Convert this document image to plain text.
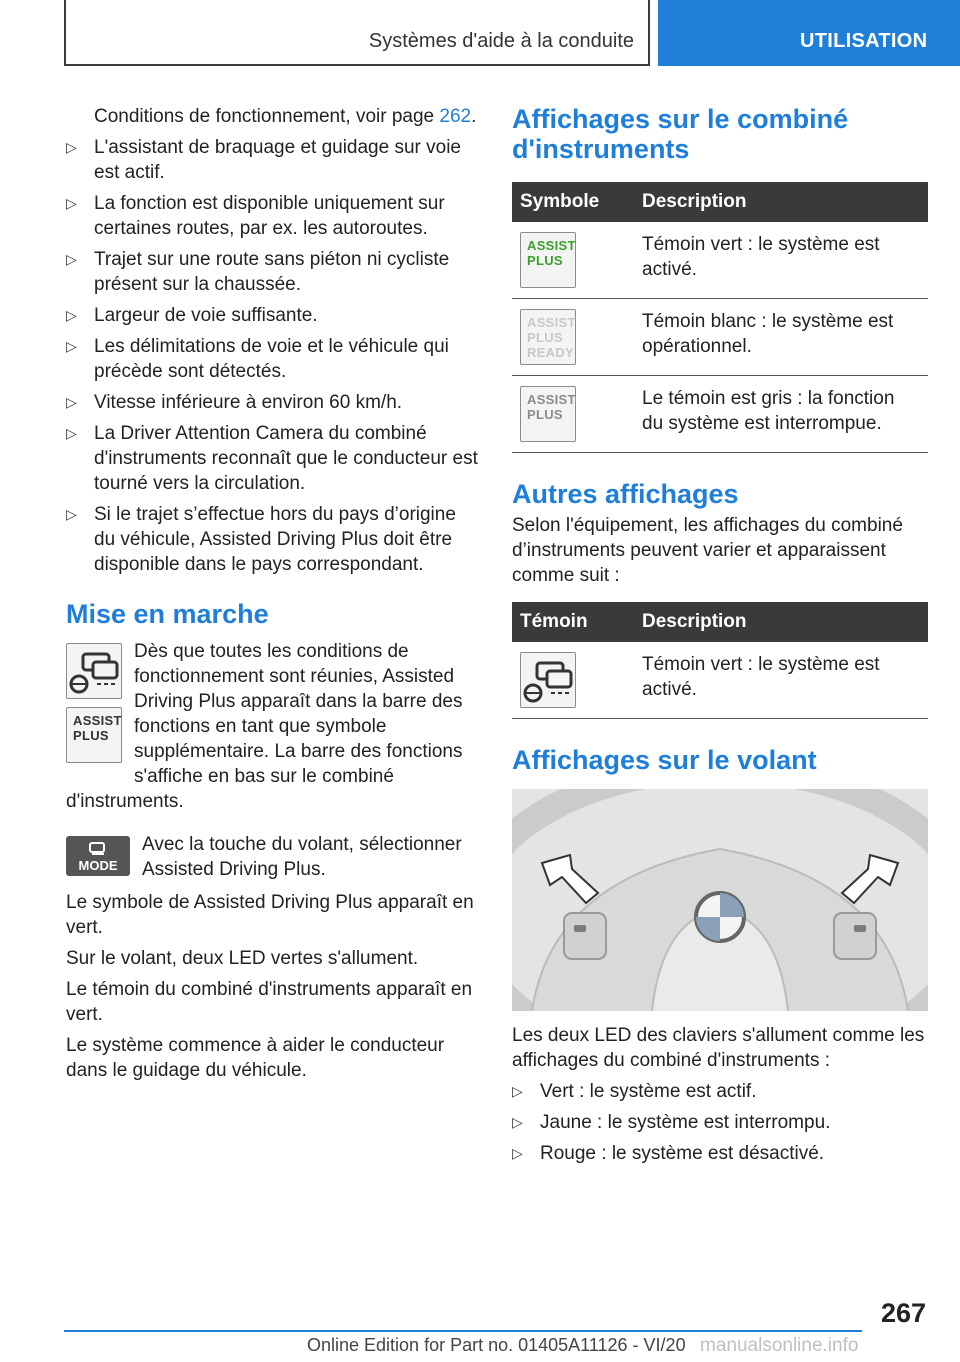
Systèmes d'aide à la conduite	UTILISATION

Conditions de fonctionnement, voir page 262.

▷ L'assistant de braquage et guidage sur voie est actif.
▷ La fonction est disponible uniquement sur certaines routes, par ex. les autoroutes.
▷ Trajet sur une route sans piéton ni cycliste présent sur la chaussée.
▷ Largeur de voie suffisante.
▷ Les délimitations de voie et le véhicule qui précède sont détectés.
▷ Vitesse inférieure à environ 60 km/h.
▷ La Driver Attention Camera du combiné d'instruments reconnaît que le conducteur est tourné vers la circulation.
▷ Si le trajet s’effectue hors du pays d’origine du véhicule, Assisted Driving Plus doit être disponible dans le pays correspondant.
Mise en marche
ASSIST
PLUS

Dès que toutes les conditions de fonctionnement sont réunies, Assisted Driving Plus apparaît dans la barre des fonctions en tant que symbole supplémentaire. La barre des fonctions s'affiche en bas sur le combiné d'instruments.

MODE

Avec la touche du volant, sélectionner Assisted Driving Plus.

Le symbole de Assisted Driving Plus apparaît en vert.

Sur le volant, deux LED vertes s'allument.

Le témoin du combiné d'instruments apparaît en vert.

Le système commence à aider le conducteur dans le guidage du véhicule.

Affichages sur le combiné d'instruments
Symbole	Description

ASSIST
PLUS	Témoin vert : le système est activé.

ASSIST
PLUS
READY	Témoin blanc : le système est opérationnel.

ASSIST
PLUS	Le témoin est gris : la fonction du système est interrompue.
Autres affichages

Selon l'équipement, les affichages du combiné d’instruments peuvent varier et apparaissent comme suit :

Témoin	Description

	Témoin vert : le système est activé.
Affichages sur le volant

Les deux LED des claviers s'allument comme les affichages du combiné d'instruments :

▷ Vert : le système est actif.
▷ Jaune : le système est interrompu.
▷ Rouge : le système est désactivé.
267
Online Edition for Part no. 01405A11126 - VI/20 manualsonline.info
